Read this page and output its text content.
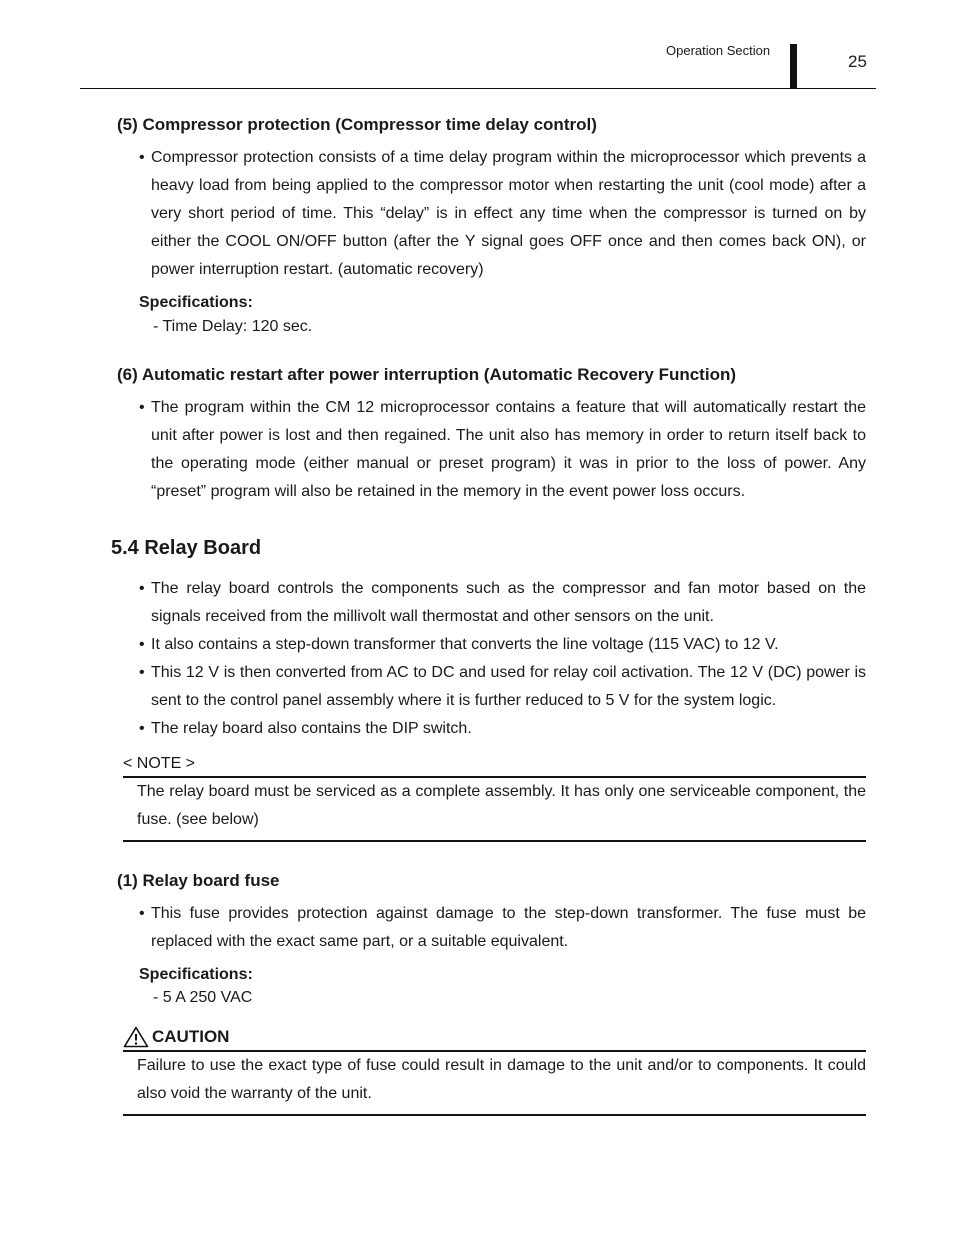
Operation Section
25
(5) Compressor protection (Compressor time delay control)
• Compressor protection consists of a time delay program within the microprocessor which prevents a heavy load from being applied to the compressor motor when restarting the unit (cool mode) after a very short period of time. This “delay” is in effect any time when the compressor is turned on by either the COOL ON/OFF button (after the Y signal goes OFF once and then comes back ON), or power interruption restart. (automatic recovery)
Specifications:
- Time Delay: 120 sec.
(6) Automatic restart after power interruption (Automatic Recovery Function)
• The program within the CM 12 microprocessor contains a feature that will automatically restart the unit after power is lost and then regained. The unit also has memory in order to return itself back to the operating mode (either manual or preset program) it was in prior to the loss of power. Any “preset” program will also be retained in the memory in the event power loss occurs.
5.4 Relay Board
• The relay board controls the components such as the compressor and fan motor based on the signals received from the millivolt wall thermostat and other sensors on the unit.
• It also contains a step-down transformer that converts the line voltage (115 VAC) to 12 V.
• This 12 V is then converted from AC to DC and used for relay coil activation. The 12 V (DC) power is sent to the control panel assembly where it is further reduced to 5 V for the system logic.
• The relay board also contains the DIP switch.
< NOTE >
The relay board must be serviced as a complete assembly. It has only one serviceable component, the fuse. (see below)
(1) Relay board fuse
• This fuse provides protection against damage to the step-down transformer. The fuse must be replaced with the exact same part, or a suitable equivalent.
Specifications:
- 5 A 250 VAC
CAUTION
Failure to use the exact type of fuse could result in damage to the unit and/or to components. It could also void the warranty of the unit.
